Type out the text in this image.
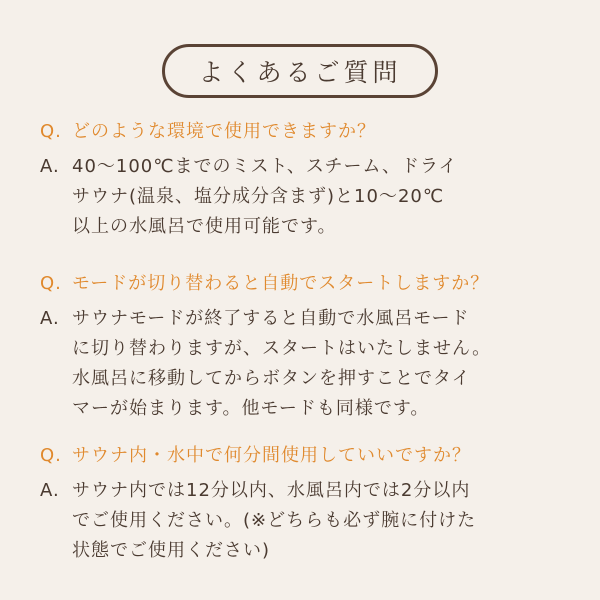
よくあるご質問
Q. どのような環境で使用できますか？
A. 40～100℃までのミスト、スチーム、ドライ
サウナ(温泉、塩分成分含まず)と10～20℃
以上の水風呂で使用可能です。
Q. モードが切り替わると自動でスタートしますか？
A. サウナモードが終了すると自動で水風呂モード
に切り替わりますが、スタートはいたしません。
水風呂に移動してからボタンを押すことでタイ
マーが始まります。他モードも同様です。
Q. サウナ内・水中で何分間使用していいですか？
A. サウナ内では12分以内、水風呂内では2分以内
でご使用ください。(※どちらも必ず腕に付けた
状態でご使用ください)
